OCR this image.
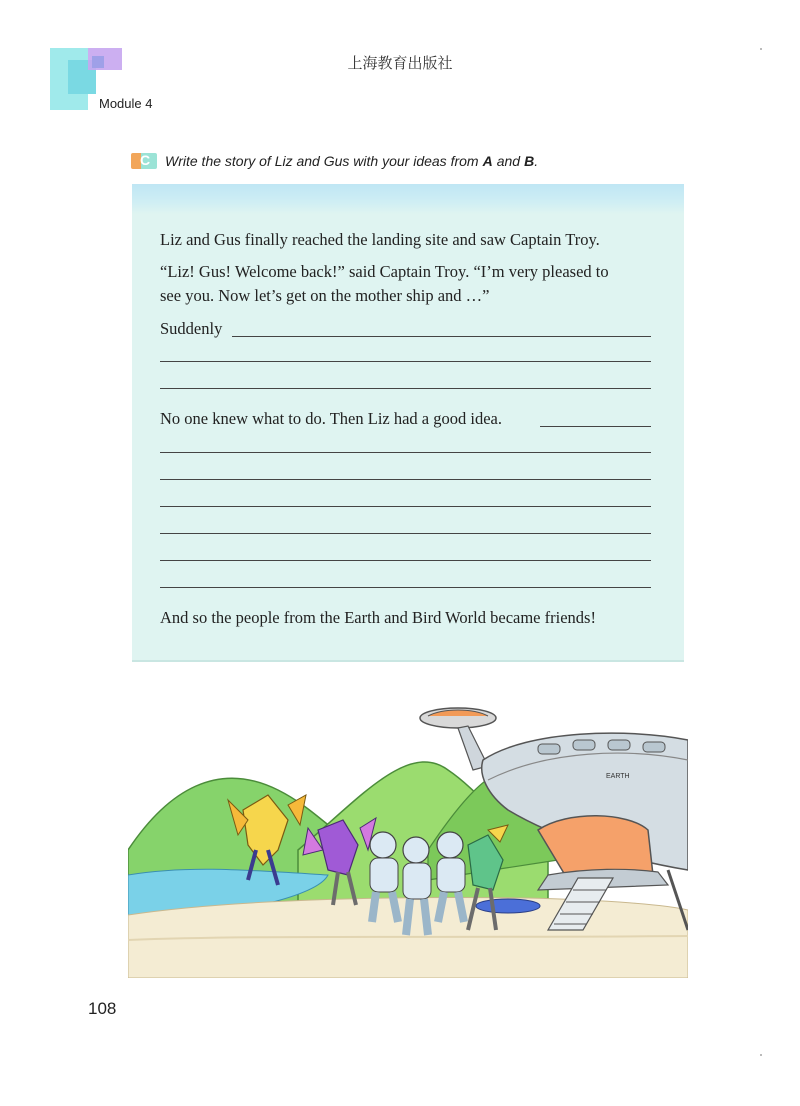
上海教育出版社
Module 4
C Write the story of Liz and Gus with your ideas from A and B .
Liz and Gus finally reached the landing site and saw Captain Troy.
“Liz! Gus! Welcome back!” said Captain Troy. “I’m very pleased to
see you. Now let’s get on the mother ship and …”
Suddenly
No one knew what to do. Then Liz had a good idea.
And so the people from the Earth and Bird World became friends!
EARTH
108
